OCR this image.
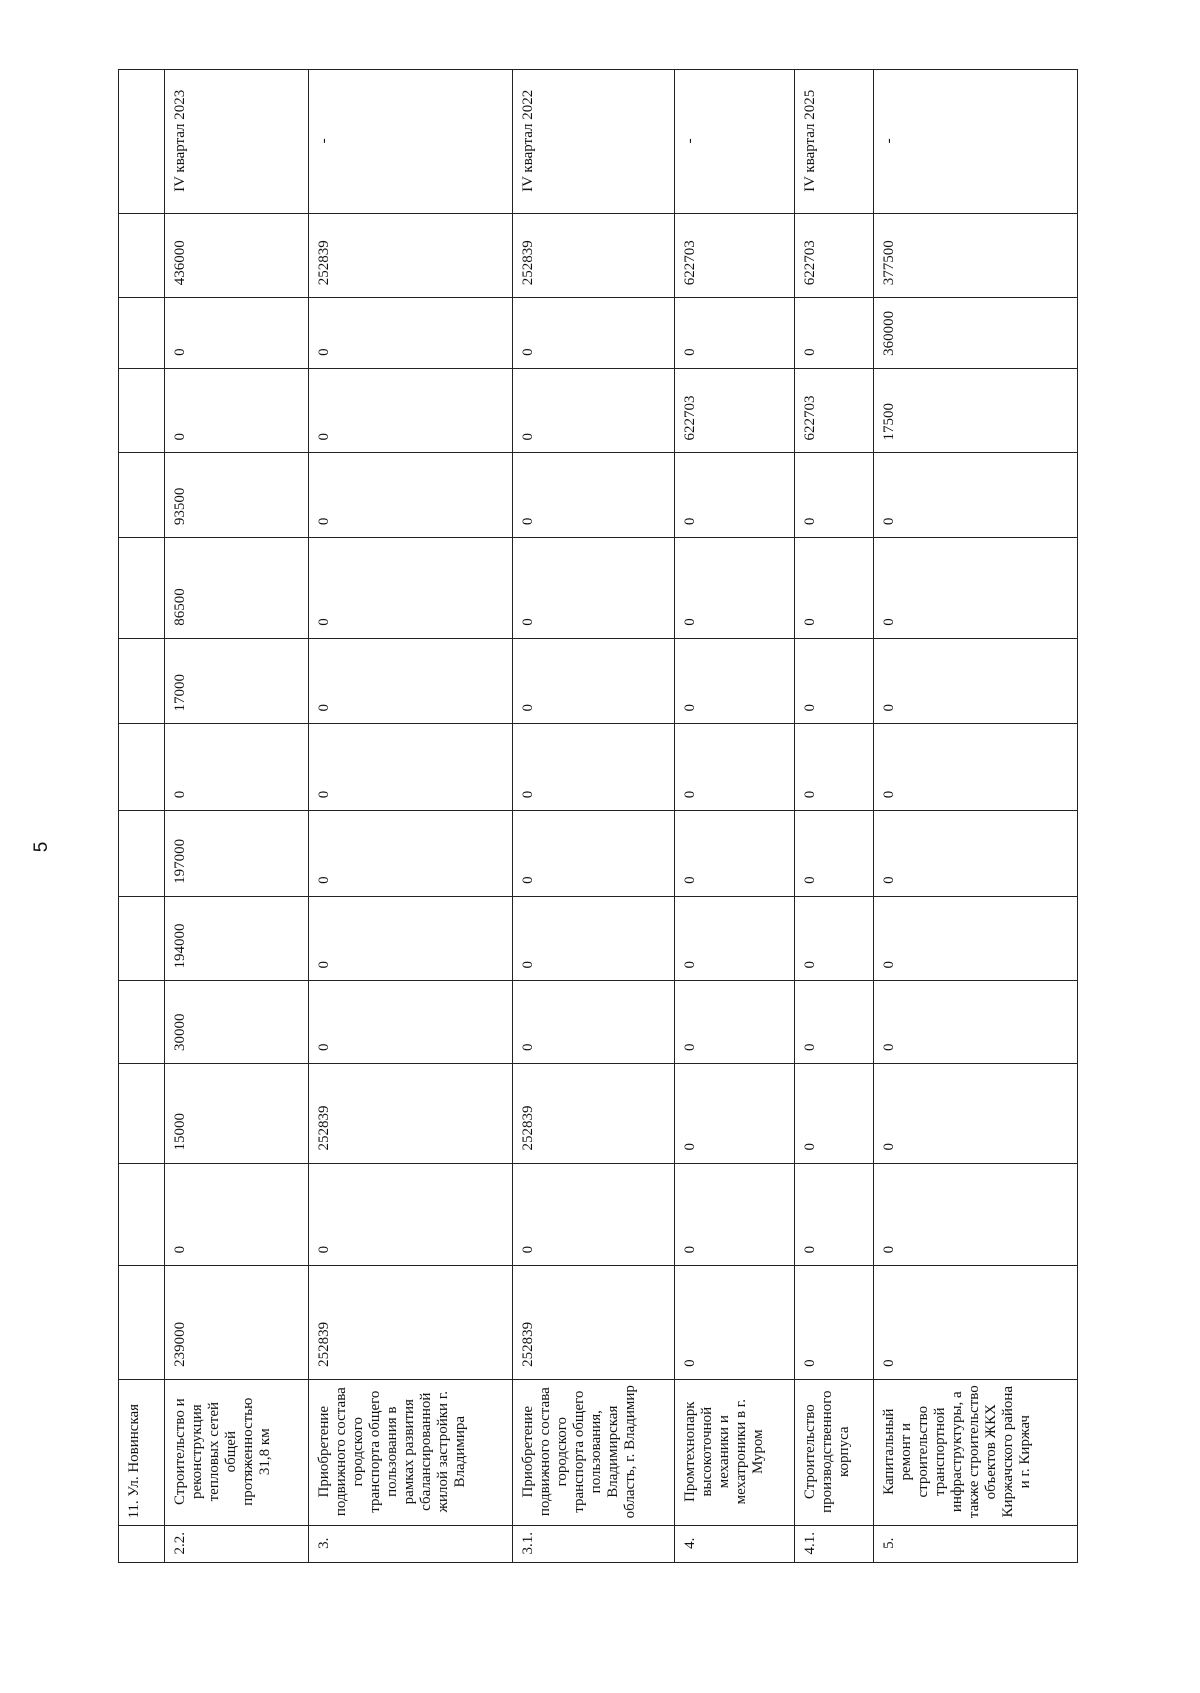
5
	11. Ул. Новинская														
2.2.	Строительство и реконструкция тепловых сетей общей протяженностью 31,8 км	239000	0	15000	30000	194000	197000	0	17000	86500	93500	0	0	436000	IV квартал 2023
3.	Приобретение подвижного состава городского транспорта общего пользования в рамках развития сбалансированной жилой застройки г. Владимира	252839	0	252839	0	0	0	0	0	0	0	0	0	252839	-
3.1.	Приобретение подвижного состава городского транспорта общего пользования, Владимирская область, г. Владимир	252839	0	252839	0	0	0	0	0	0	0	0	0	252839	IV квартал 2022
4.	Промтехнопарк высокоточной механики и мехатроники в г. Муром	0	0	0	0	0	0	0	0	0	0	622703	0	622703	-
4.1.	Строительство производственного корпуса	0	0	0	0	0	0	0	0	0	0	622703	0	622703	IV квартал 2025
5.	Капитальный ремонт и строительство транспортной инфраструктуры, а также строительство объектов ЖКХ Киржачского района и г. Киржач	0	0	0	0	0	0	0	0	0	0	17500	360000	377500	-
